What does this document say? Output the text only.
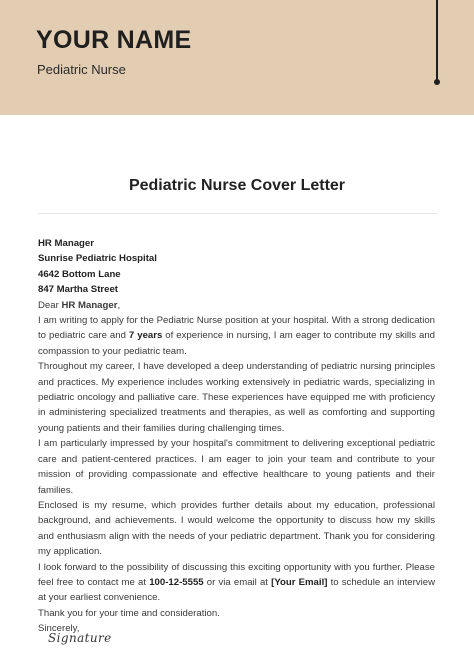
YOUR NAME
Pediatric Nurse
Pediatric Nurse Cover Letter
HR Manager
Sunrise Pediatric Hospital
4642 Bottom Lane
847 Martha Street
Dear HR Manager,
I am writing to apply for the Pediatric Nurse position at your hospital. With a strong dedication to pediatric care and 7 years of experience in nursing, I am eager to contribute my skills and compassion to your pediatric team.
Throughout my career, I have developed a deep understanding of pediatric nursing principles and practices. My experience includes working extensively in pediatric wards, specializing in pediatric oncology and palliative care. These experiences have equipped me with proficiency in administering specialized treatments and therapies, as well as comforting and supporting young patients and their families during challenging times.
I am particularly impressed by your hospital's commitment to delivering exceptional pediatric care and patient-centered practices. I am eager to join your team and contribute to your mission of providing compassionate and effective healthcare to young patients and their families.
Enclosed is my resume, which provides further details about my education, professional background, and achievements. I would welcome the opportunity to discuss how my skills and enthusiasm align with the needs of your pediatric department. Thank you for considering my application.
I look forward to the possibility of discussing this exciting opportunity with you further. Please feel free to contact me at 100-12-5555 or via email at [Your Email] to schedule an interview at your earliest convenience.
Thank you for your time and consideration.
Sincerely,
Signature
